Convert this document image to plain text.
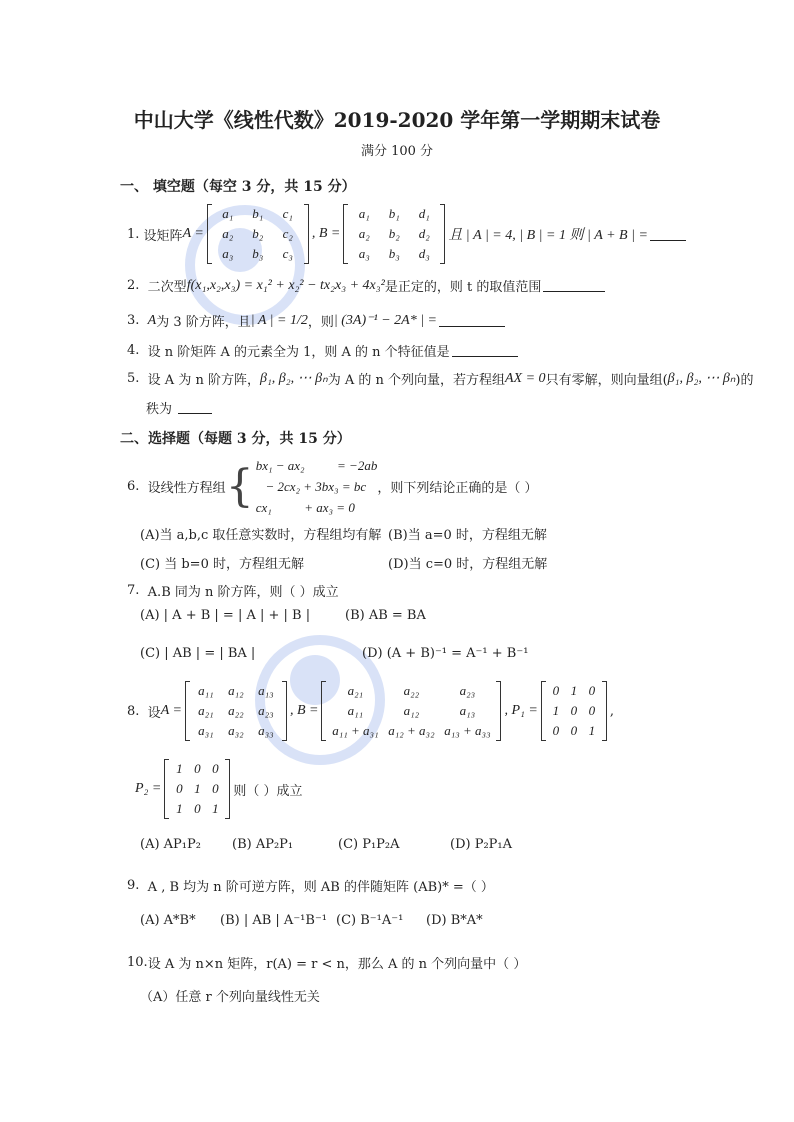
中山大学《线性代数》2019-2020 学年第一学期期末试卷
满分 100 分
一、 填空题（每空 3 分，共 15 分）
1.
设矩阵 A =
a₁	b₁	c₁
a₂	b₂	c₂
a₃	b₃	c₃
, B =
a₁	b₁	d₁
a₂	b₂	d₂
a₃	b₃	d₃
且 | A | = 4, | B | = 1 则 | A + B | =
2.
二次型 f(x₁,x₂,x₃) = x₁² + x₂² − tx₂x₃ + 4x₃² 是正定的，则 t 的取值范围
3.
A 为 3 阶方阵，且 | A | = 1/2 ，则 | (3A)⁻¹ − 2A* | =
4.
设 n 阶矩阵 A 的元素全为 1，则 A 的 n 个特征值是
5.
设 A 为 n 阶方阵， β₁, β₂, ⋯ βₙ 为 A 的 n 个列向量，若方程组 AX = 0 只有零解，则向量组( β₁, β₂, ⋯ βₙ )的
秩为

二、选择题（每题 3 分，共 15 分）
6.
设线性方程组 { bx₁ − ax₂          = −2ab
− 2cx₂ + 3bx₃ = bc
cx₁          + ax₃ = 0
，则下列结论正确的是（ ）
(A)当 a,b,c 取任意实数时，方程组均有解 (B)当 a=0 时，方程组无解
(C) 当 b=0 时，方程组无解	(D)当 c=0 时，方程组无解
7.
A.B 同为 n 阶方阵，则（ ）成立
(A) | A + B | = | A | + | B |	(B) AB = BA
(C) | AB | = | BA |	(D) (A + B)⁻¹ = A⁻¹ + B⁻¹
8.
设 A =
a₁₁	a₁₂	a₁₃
a₂₁	a₂₂	a₂₃
a₃₁	a₃₂	a₃₃
, B =
a₂₁	a₂₂	a₂₃
a₁₁	a₁₂	a₁₃
a₁₁ + a₃₁ a₁₂ + a₃₂ a₁₃ + a₃₃
, P₁ =
0 1 0
1 0 0
0 0 1
,
P₂ =
1 0 0
0 1 0
1 0 1
则（ ）成立
(A) AP₁P₂ (B) AP₂P₁	(C) P₁P₂A	(D) P₂P₁A
9.
A , B 均为 n 阶可逆方阵，则 AB 的伴随矩阵 (AB)* =（ ）
(A) A*B* (B) | AB | A⁻¹B⁻¹ (C) B⁻¹A⁻¹ (D) B*A*
10. 设 A 为 n×n 矩阵，r(A) = r < n，那么 A 的 n 个列向量中（ ）
（A）任意 r 个列向量线性无关
